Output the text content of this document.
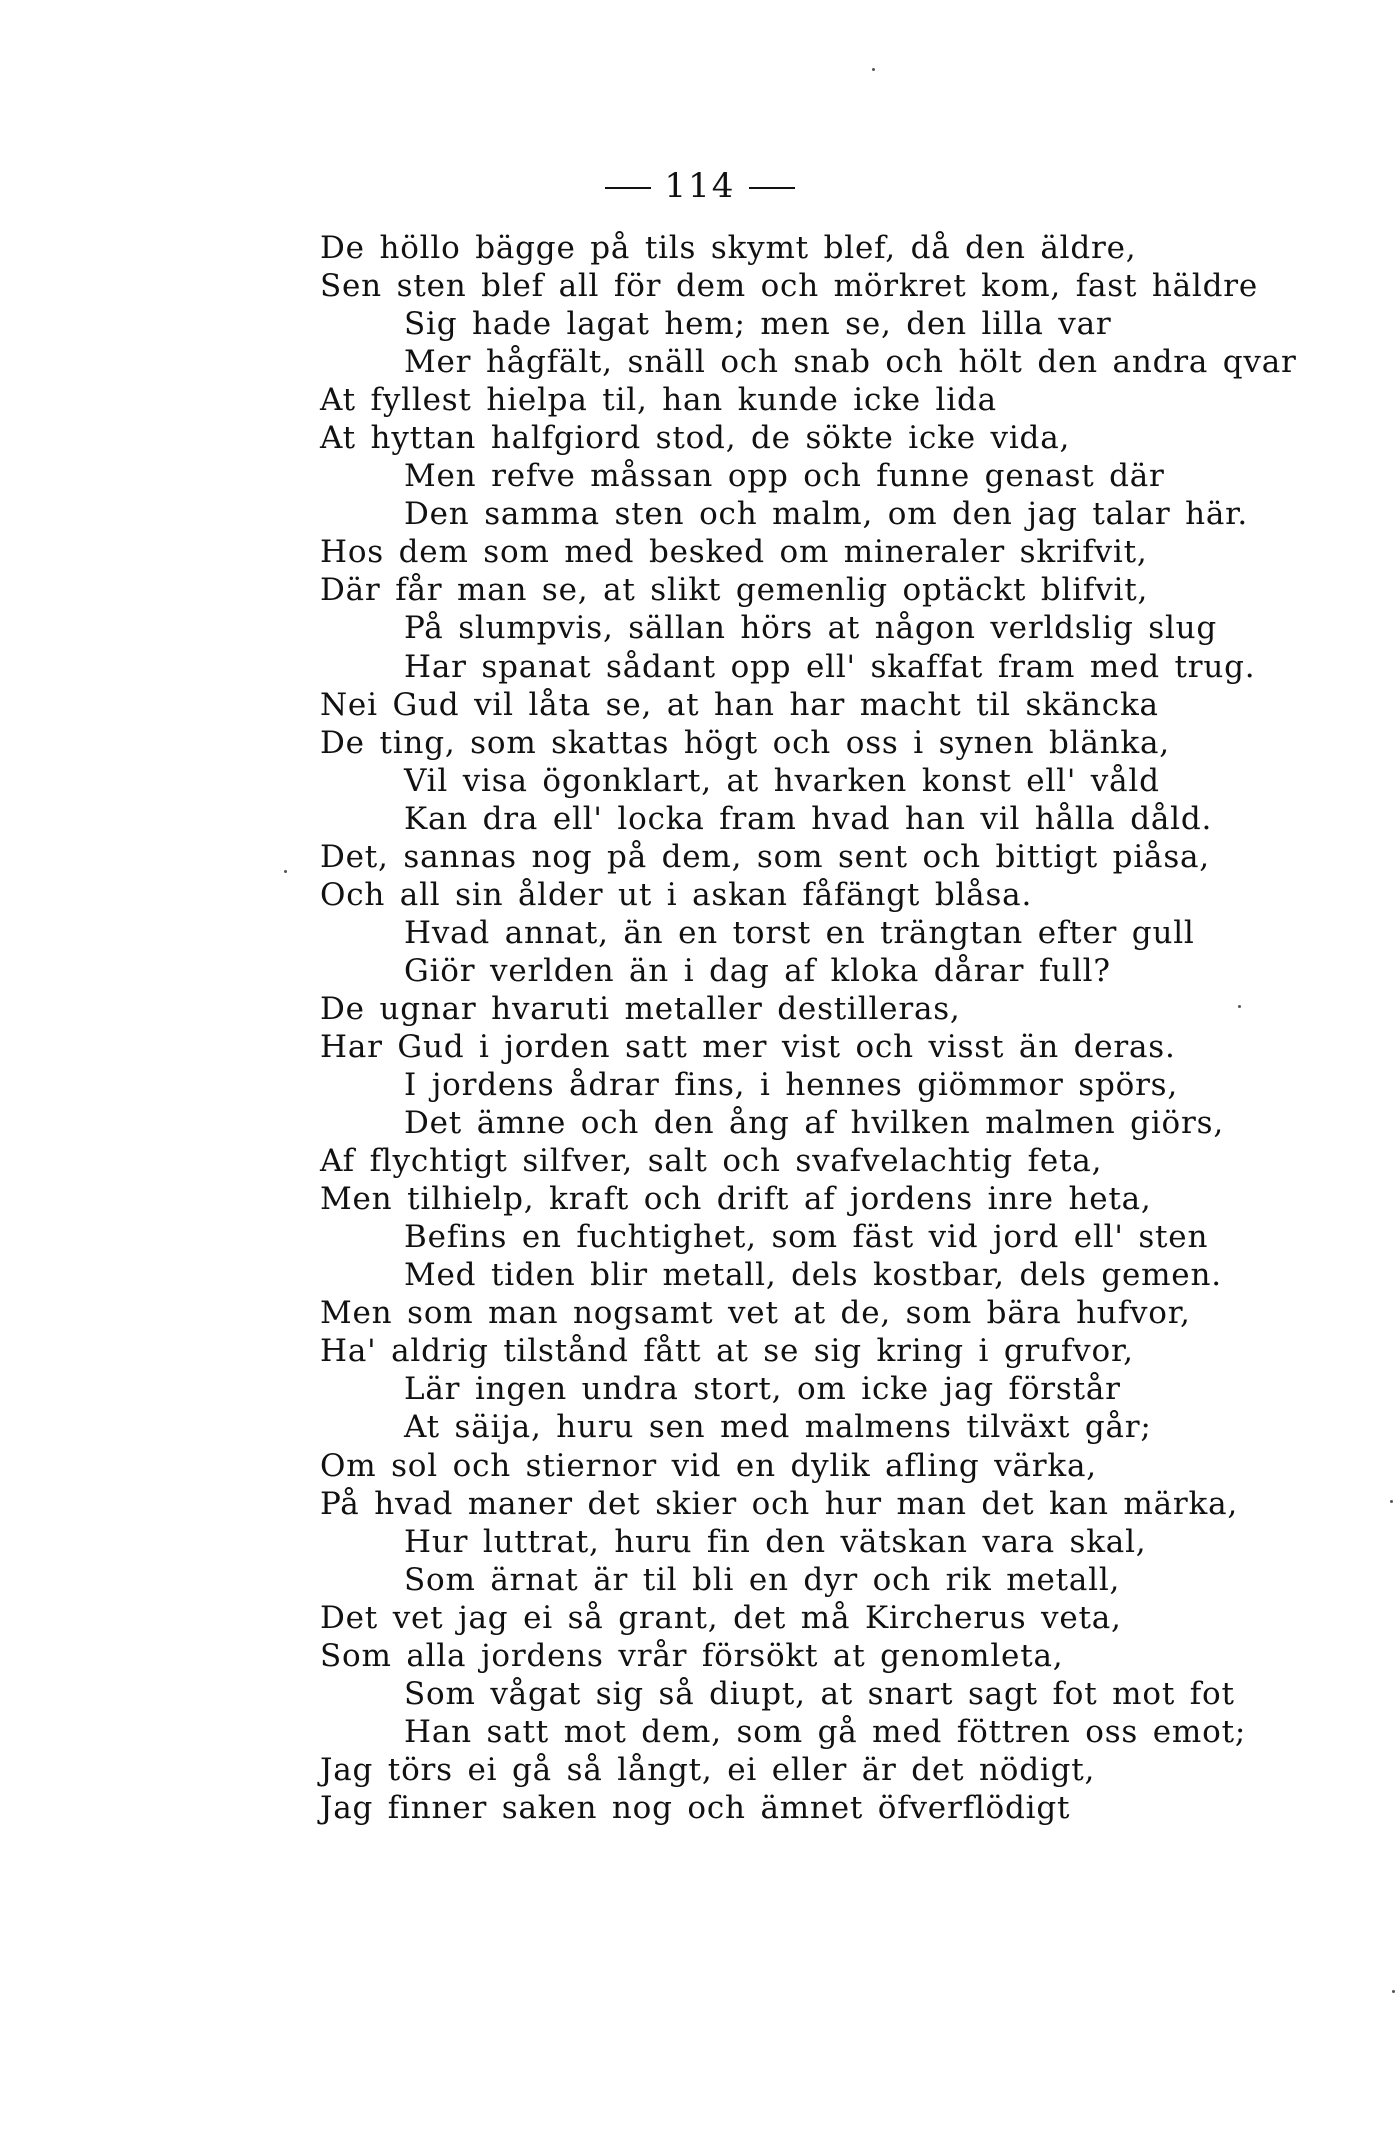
114
De höllo bägge på tils skymt blef, då den äldre,
Sen sten blef all för dem och mörkret kom, fast häldre
Sig hade lagat hem; men se, den lilla var
Mer hågfält, snäll och snab och hölt den andra qvar
At fyllest hielpa til, han kunde icke lida
At hyttan halfgiord stod, de sökte icke vida,
Men refve måssan opp och funne genast där
Den samma sten och malm, om den jag talar här.
Hos dem som med besked om mineraler skrifvit,
Där får man se, at slikt gemenlig optäckt blifvit,
På slumpvis, sällan hörs at någon verldslig slug
Har spanat sådant opp ell' skaffat fram med trug.
Nei Gud vil låta se, at han har macht til skäncka
De ting, som skattas högt och oss i synen blänka,
Vil visa ögonklart, at hvarken konst ell' våld
Kan dra ell' locka fram hvad han vil hålla dåld.
Det, sannas nog på dem, som sent och bittigt piåsa,
Och all sin ålder ut i askan fåfängt blåsa.
Hvad annat, än en torst en trängtan efter gull
Giör verlden än i dag af kloka dårar full?
De ugnar hvaruti metaller destilleras,
Har Gud i jorden satt mer vist och visst än deras.
I jordens ådrar fins, i hennes giömmor spörs,
Det ämne och den ång af hvilken malmen giörs,
Af flychtigt silfver, salt och svafvelachtig feta,
Men tilhielp, kraft och drift af jordens inre heta,
Befins en fuchtighet, som fäst vid jord ell' sten
Med tiden blir metall, dels kostbar, dels gemen.
Men som man nogsamt vet at de, som bära hufvor,
Ha' aldrig tilstånd fått at se sig kring i grufvor,
Lär ingen undra stort, om icke jag förstår
At säija, huru sen med malmens tilväxt går;
Om sol och stiernor vid en dylik afling värka,
På hvad maner det skier och hur man det kan märka,
Hur luttrat, huru fin den vätskan vara skal,
Som ärnat är til bli en dyr och rik metall,
Det vet jag ei så grant, det må Kircherus veta,
Som alla jordens vrår försökt at genomleta,
Som vågat sig så diupt, at snart sagt fot mot fot
Han satt mot dem, som gå med föttren oss emot;
Jag törs ei gå så långt, ei eller är det nödigt,
Jag finner saken nog och ämnet öfverflödigt
